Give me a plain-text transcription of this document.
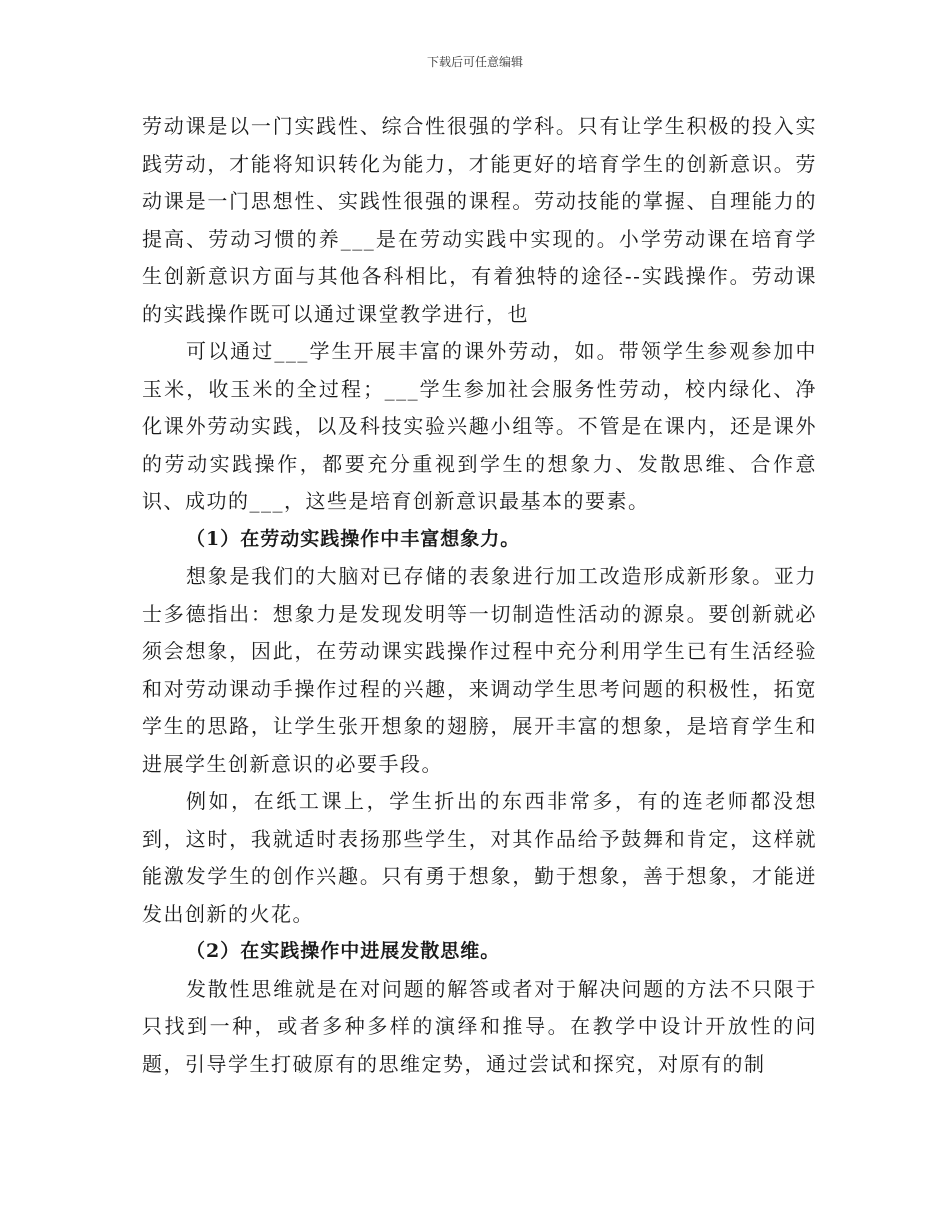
下载后可任意编辑

劳动课是以一门实践性、综合性很强的学科。只有让学生积极的投入实践劳动，才能将知识转化为能力，才能更好的培育学生的创新意识。劳动课是一门思想性、实践性很强的课程。劳动技能的掌握、自理能力的提高、劳动习惯的养___是在劳动实践中实现的。小学劳动课在培育学生创新意识方面与其他各科相比，有着独特的途径--实践操作。劳动课的实践操作既可以通过课堂教学进行，也

可以通过___学生开展丰富的课外劳动，如。带领学生参观参加中玉米，收玉米的全过程；___学生参加社会服务性劳动，校内绿化、净化课外劳动实践，以及科技实验兴趣小组等。不管是在课内，还是课外的劳动实践操作，都要充分重视到学生的想象力、发散思维、合作意识、成功的___，这些是培育创新意识最基本的要素。

（1）在劳动实践操作中丰富想象力。

想象是我们的大脑对已存储的表象进行加工改造形成新形象。亚力士多德指出：想象力是发现发明等一切制造性活动的源泉。要创新就必须会想象，因此，在劳动课实践操作过程中充分利用学生已有生活经验和对劳动课动手操作过程的兴趣，来调动学生思考问题的积极性，拓宽学生的思路，让学生张开想象的翅膀，展开丰富的想象，是培育学生和进展学生创新意识的必要手段。

例如，在纸工课上，学生折出的东西非常多，有的连老师都没想到，这时，我就适时表扬那些学生，对其作品给予鼓舞和肯定，这样就能激发学生的创作兴趣。只有勇于想象，勤于想象，善于想象，才能迸发出创新的火花。

（2）在实践操作中进展发散思维。

发散性思维就是在对问题的解答或者对于解决问题的方法不只限于只找到一种，或者多种多样的演绎和推导。在教学中设计开放性的问题，引导学生打破原有的思维定势，通过尝试和探究，对原有的制
